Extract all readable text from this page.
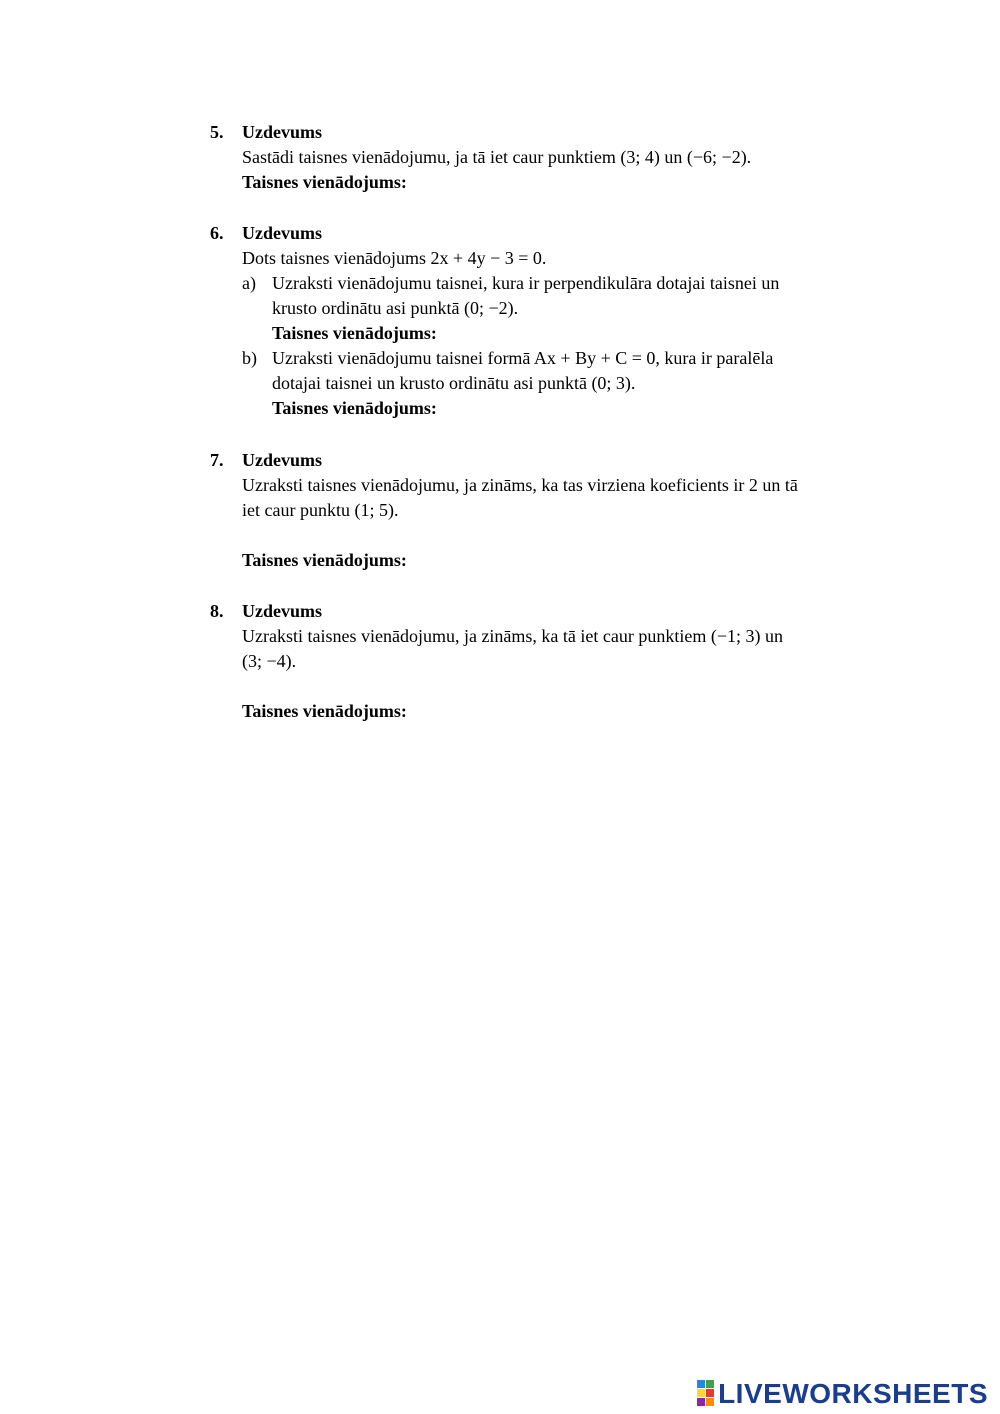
5.	Uzdevums
Sastādi taisnes vienādojumu, ja tā iet caur punktiem (3; 4) un (−6; −2).
Taisnes vienādojums:
6.	Uzdevums
Dots taisnes vienādojums 2x + 4y − 3 = 0.
a) Uzraksti vienādojumu taisnei, kura ir perpendikulāra dotajai taisnei un
krusto ordinātu asi punktā (0; −2).
Taisnes vienādojums:
b) Uzraksti vienādojumu taisnei formā Ax + By + C = 0, kura ir paralēla
dotajai taisnei un krusto ordinātu asi punktā (0; 3).
Taisnes vienādojums:
7.	Uzdevums
Uzraksti taisnes vienādojumu, ja zināms, ka tas virziena koeficients ir 2 un tā
iet caur punktu (1; 5).
Taisnes vienādojums:
8.	Uzdevums
Uzraksti taisnes vienādojumu, ja zināms, ka tā iet caur punktiem (−1; 3) un
(3; −4).
Taisnes vienādojums:
LIVEWORKSHEETS
